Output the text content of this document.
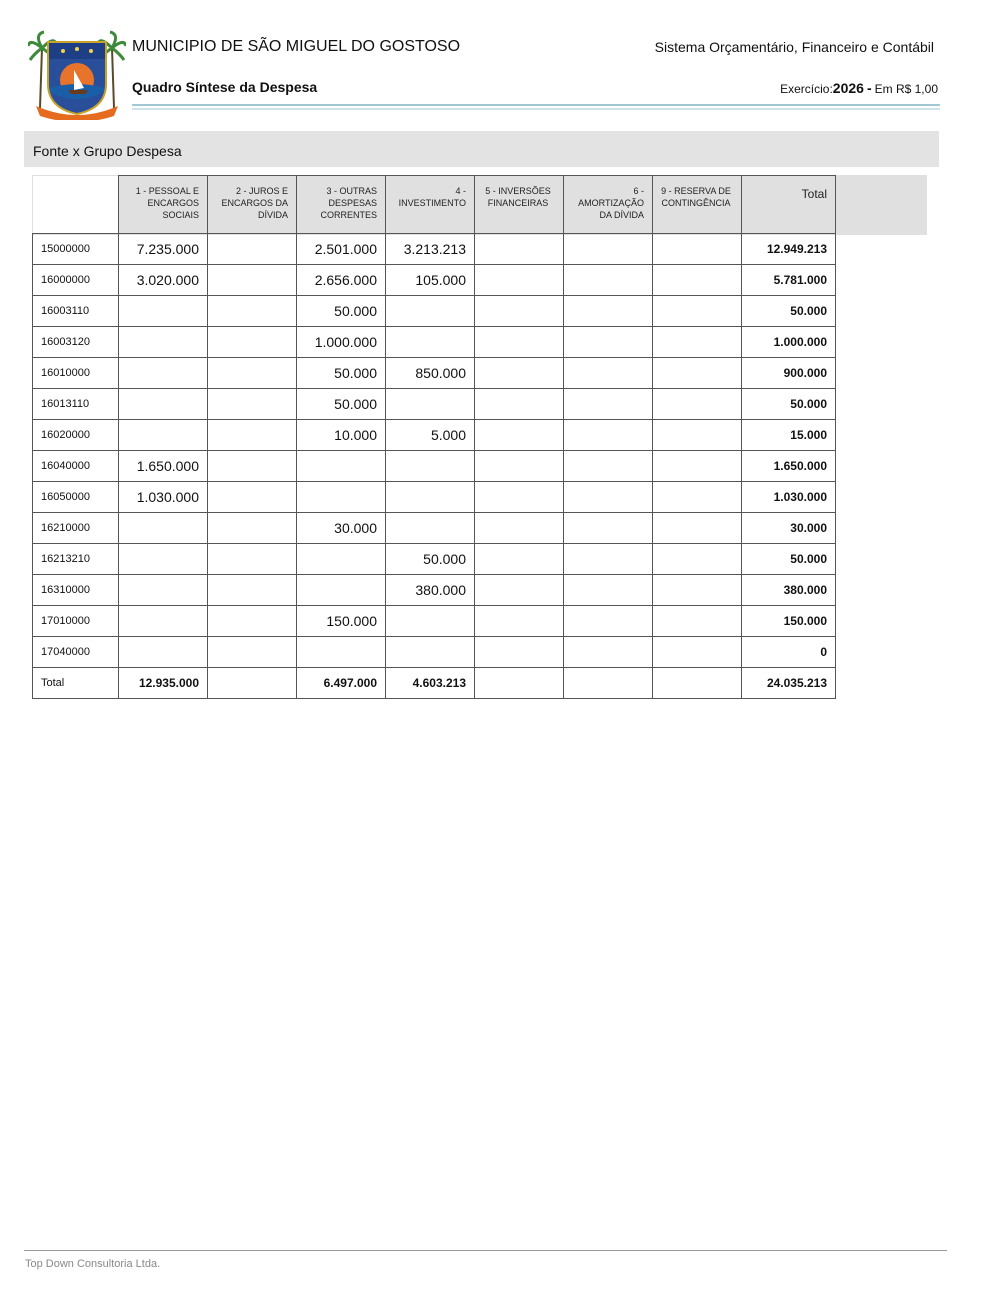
MUNICIPIO DE SÃO MIGUEL DO GOSTOSO	Sistema Orçamentário, Financeiro e Contábil
Quadro Síntese da Despesa	Exercício:2026 - Em R$ 1,00
Fonte x Grupo Despesa
	1 - PESSOAL E ENCARGOS SOCIAIS	2 - JUROS E ENCARGOS DA DÍVIDA	3 - OUTRAS DESPESAS CORRENTES	4 - INVESTIMENTO	5 - INVERSÕES FINANCEIRAS	6 - AMORTIZAÇÃO DA DÍVIDA	9 - RESERVA DE CONTINGÊNCIA	Total
15000000	7.235.000		2.501.000	3.213.213				12.949.213
16000000	3.020.000		2.656.000	105.000				5.781.000
16003110			50.000					50.000
16003120			1.000.000					1.000.000
16010000			50.000	850.000				900.000
16013110			50.000					50.000
16020000			10.000	5.000				15.000
16040000	1.650.000							1.650.000
16050000	1.030.000							1.030.000
16210000			30.000					30.000
16213210				50.000				50.000
16310000				380.000				380.000
17010000			150.000					150.000
17040000								0
Total	12.935.000		6.497.000	4.603.213				24.035.213
Top Down Consultoria Ltda.
